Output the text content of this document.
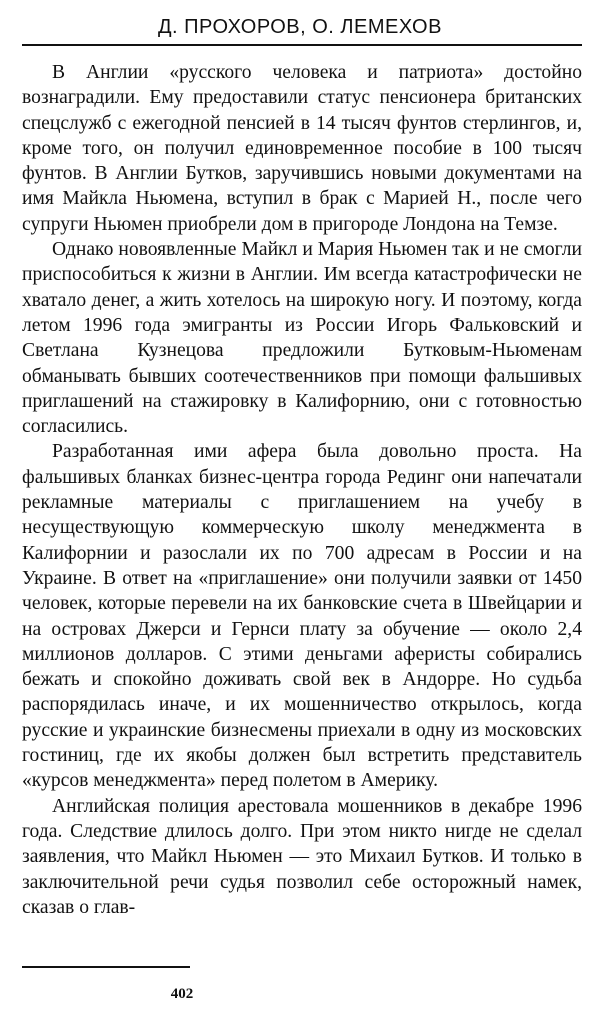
Д. ПРОХОРОВ, О. ЛЕМЕХОВ

В Англии «русского человека и патриота» достойно вознаградили. Ему предоставили статус пенсионера британских спецслужб с ежегодной пенсией в 14 тысяч фунтов стерлингов, и, кроме того, он получил единовременное пособие в 100 тысяч фунтов. В Англии Бутков, заручившись новыми документами на имя Майкла Ньюмена, вступил в брак с Марией Н., после чего супруги Ньюмен приобрели дом в пригороде Лондона на Темзе.

Однако новоявленные Майкл и Мария Ньюмен так и не смогли приспособиться к жизни в Англии. Им всегда катастрофически не хватало денег, а жить хотелось на широкую ногу. И поэтому, когда летом 1996 года эмигранты из России Игорь Фальковский и Светлана Кузнецова предложили Бутковым-Ньюменам обманывать бывших соотечественников при помощи фальшивых приглашений на стажировку в Калифорнию, они с готовностью согласились.

Разработанная ими афера была довольно проста. На фальшивых бланках бизнес-центра города Рединг они напечатали рекламные материалы с приглашением на учебу в несуществующую коммерческую школу менеджмента в Калифорнии и разослали их по 700 адресам в России и на Украине. В ответ на «приглашение» они получили заявки от 1450 человек, которые перевели на их банковские счета в Швейцарии и на островах Джерси и Гернси плату за обучение — около 2,4 миллионов долларов. С этими деньгами аферисты собирались бежать и спокойно доживать свой век в Андорре. Но судьба распорядилась иначе, и их мошенничество открылось, когда русские и украинские бизнесмены приехали в одну из московских гостиниц, где их якобы должен был встретить представитель «курсов менеджмента» перед полетом в Америку.

Английская полиция арестовала мошенников в декабре 1996 года. Следствие длилось долго. При этом никто нигде не сделал заявления, что Майкл Ньюмен — это Михаил Бутков. И только в заключительной речи судья позволил себе осторожный намек, сказав о глав-

402
